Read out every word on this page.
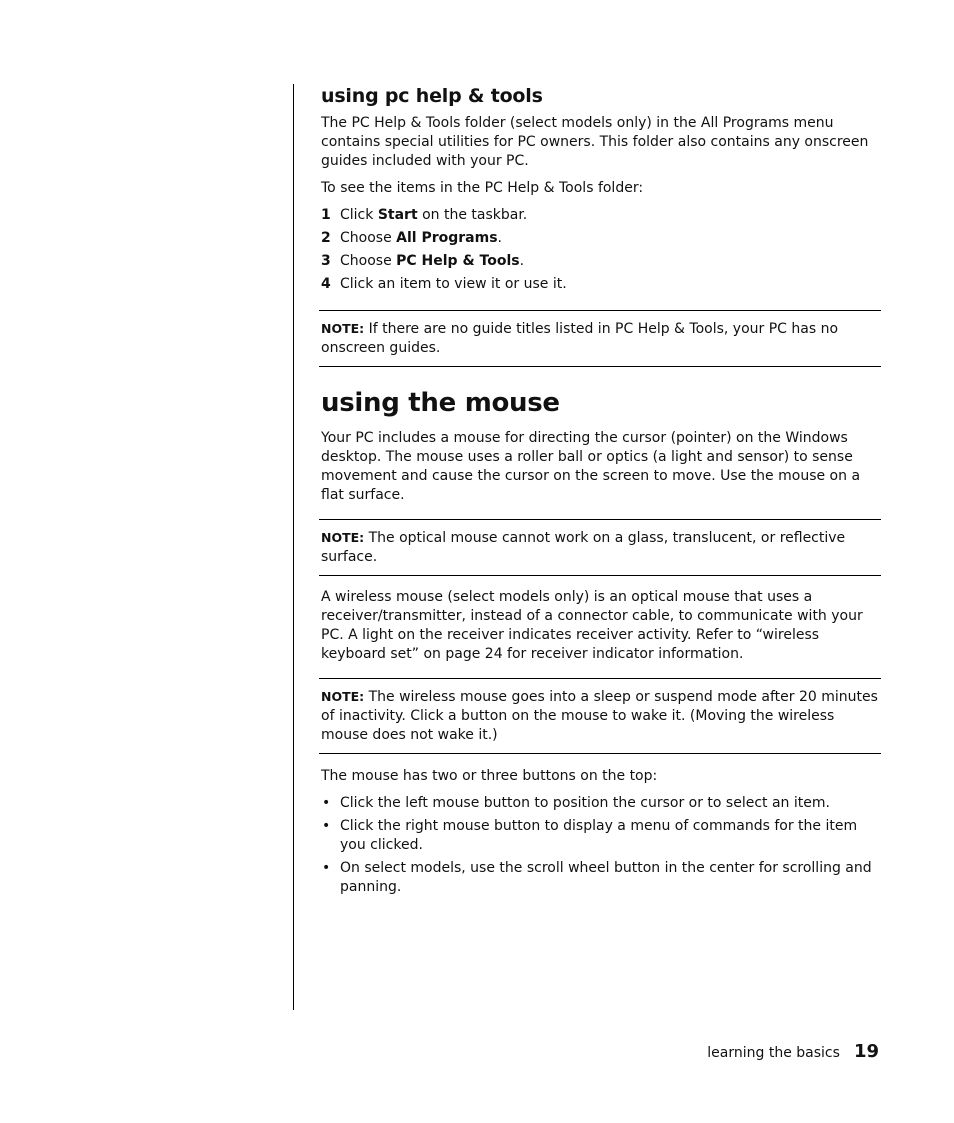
using pc help & tools

The PC Help & Tools folder (select models only) in the All Programs menu contains special utilities for PC owners. This folder also contains any onscreen guides included with your PC.

To see the items in the PC Help & Tools folder:

1 Click Start on the taskbar.
2 Choose All Programs.
3 Choose PC Help & Tools.
4 Click an item to view it or use it.
NOTE: If there are no guide titles listed in PC Help & Tools, your PC has no onscreen guides.
using the mouse

Your PC includes a mouse for directing the cursor (pointer) on the Windows desktop. The mouse uses a roller ball or optics (a light and sensor) to sense movement and cause the cursor on the screen to move. Use the mouse on a flat surface.

NOTE: The optical mouse cannot work on a glass, translucent, or reflective surface.

A wireless mouse (select models only) is an optical mouse that uses a receiver/transmitter, instead of a connector cable, to communicate with your PC. A light on the receiver indicates receiver activity. Refer to “wireless keyboard set” on page 24 for receiver indicator information.

NOTE: The wireless mouse goes into a sleep or suspend mode after 20 minutes of inactivity. Click a button on the mouse to wake it. (Moving the wireless mouse does not wake it.)

The mouse has two or three buttons on the top:

• Click the left mouse button to position the cursor or to select an item.
• Click the right mouse button to display a menu of commands for the item you clicked.
• On select models, use the scroll wheel button in the center for scrolling and panning.
learning the basics 19
